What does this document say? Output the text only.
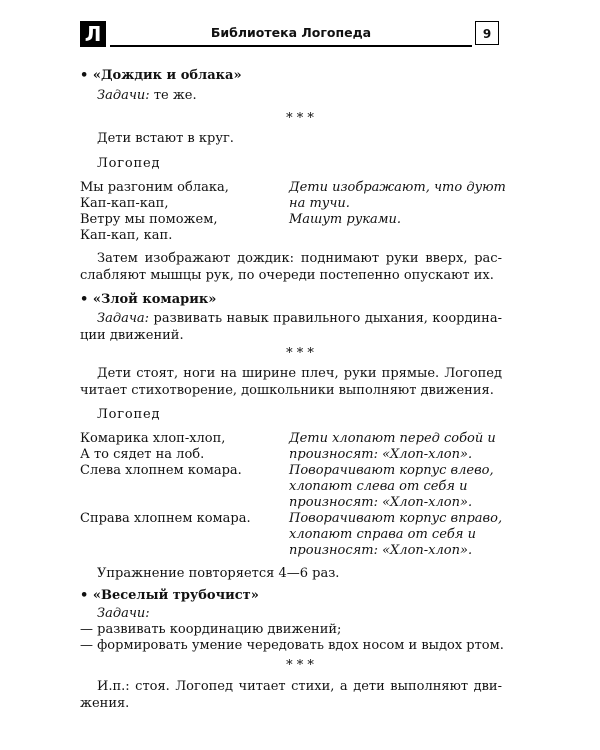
Л	Библиотека Логопеда	9
• «Дождик и облака»
Задачи: те же.
* * *
Дети встают в круг.
Логопед
Мы разгоним облака,
Кап-кап-кап,
Ветру мы поможем,
Кап-кап, кап.
Дети изображают, что дуют
на тучи.
Машут руками.
Затем изображают дождик: поднимают руки вверх, расслабляют мышцы рук, по очереди постепенно опускают их.
• «Злой комарик»
Задача: развивать навык правильного дыхания, координации движений.
* * *
Дети стоят, ноги на ширине плеч, руки прямые. Логопед читает стихотворение, дошкольники выполняют движения.
Логопед
Комарика хлоп-хлоп,
А то сядет на лоб.
Слева хлопнем комара.
Справа хлопнем комара.
Дети хлопают перед собой и
произносят: «Хлоп-хлоп».
Поворачивают корпус влево,
хлопают слева от себя и
произносят: «Хлоп-хлоп».
Поворачивают корпус вправо,
хлопают справа от себя и
произносят: «Хлоп-хлоп».
Упражнение повторяется 4—6 раз.
• «Веселый трубочист»
Задачи:
— развивать координацию движений;
— формировать умение чередовать вдох носом и выдох ртом.
* * *
И.п.: стоя. Логопед читает стихи, а дети выполняют движения.
